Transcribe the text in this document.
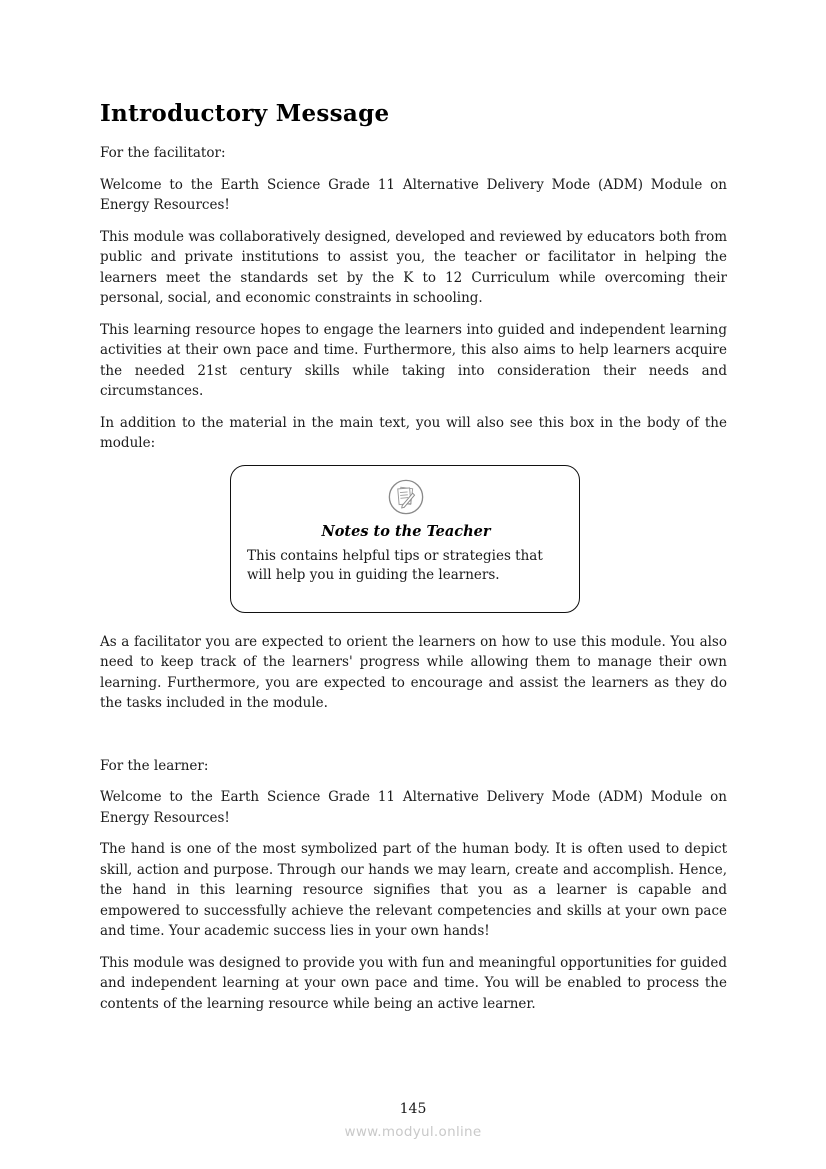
Introductory Message

For the facilitator:

Welcome to the Earth Science Grade 11 Alternative Delivery Mode (ADM) Module on Energy Resources!

This module was collaboratively designed, developed and reviewed by educators both from public and private institutions to assist you, the teacher or facilitator in helping the learners meet the standards set by the K to 12 Curriculum while overcoming their personal, social, and economic constraints in schooling.

This learning resource hopes to engage the learners into guided and independent learning activities at their own pace and time. Furthermore, this also aims to help learners acquire the needed 21st century skills while taking into consideration their needs and circumstances.

In addition to the material in the main text, you will also see this box in the body of the module:

Notes to the Teacher
This contains helpful tips or strategies that will help you in guiding the learners.

As a facilitator you are expected to orient the learners on how to use this module. You also need to keep track of the learners' progress while allowing them to manage their own learning. Furthermore, you are expected to encourage and assist the learners as they do the tasks included in the module.

For the learner:

Welcome to the Earth Science Grade 11 Alternative Delivery Mode (ADM) Module on Energy Resources!

The hand is one of the most symbolized part of the human body. It is often used to depict skill, action and purpose. Through our hands we may learn, create and accomplish. Hence, the hand in this learning resource signifies that you as a learner is capable and empowered to successfully achieve the relevant competencies and skills at your own pace and time. Your academic success lies in your own hands!

This module was designed to provide you with fun and meaningful opportunities for guided and independent learning at your own pace and time. You will be enabled to process the contents of the learning resource while being an active learner.

145
www.modyul.online
